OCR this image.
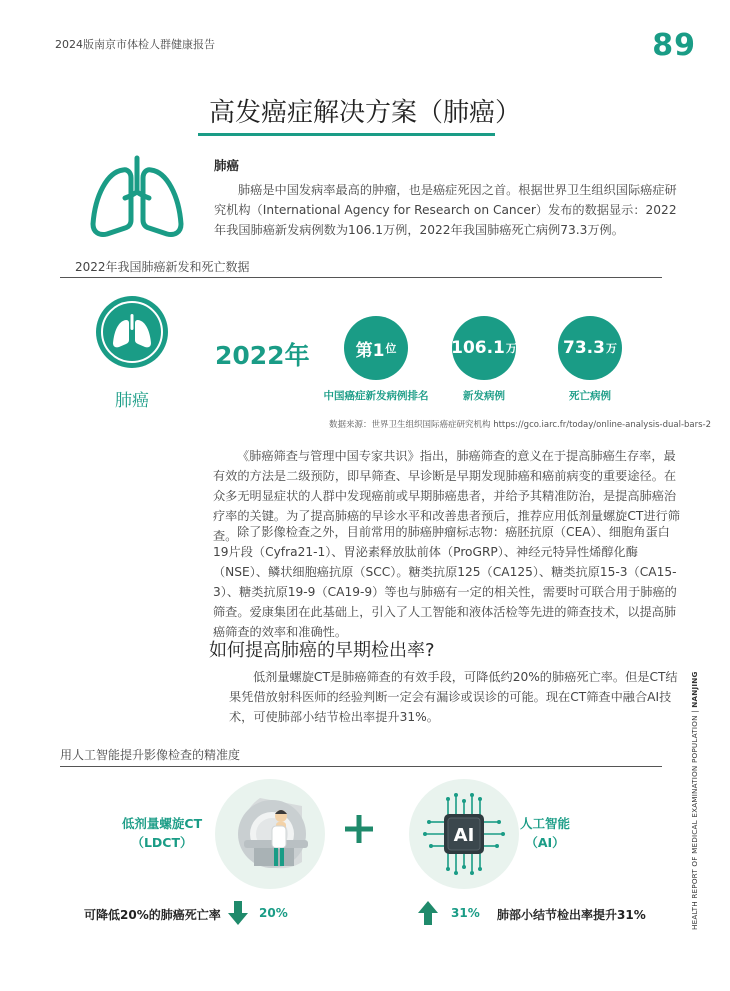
2024版南京市体检人群健康报告	89
高发癌症解决方案（肺癌）
肺癌

肺癌是中国发病率最高的肿瘤，也是癌症死因之首。根据世界卫生组织国际癌症研究机构（International Agency for Research on Cancer）发布的数据显示：2022年我国肺癌新发病例数为106.1万例，2022年我国肺癌死亡病例73.3万例。

2022年我国肺癌新发和死亡数据
肺癌
2022年	第1 位	106.1 万	73.3 万
中国癌症新发病例排名	新发病例	死亡病例
数据来源：世界卫生组织国际癌症研究机构 https://gco.iarc.fr/today/online-analysis-dual-bars-2

《肺癌筛查与管理中国专家共识》指出，肺癌筛查的意义在于提高肺癌生存率，最有效的方法是二级预防，即早筛查、早诊断是早期发现肺癌和癌前病变的重要途径。在众多无明显症状的人群中发现癌前或早期肺癌患者，并给予其精准防治，是提高肺癌治疗率的关键。为了提高肺癌的早诊水平和改善患者预后，推荐应用低剂量螺旋CT进行筛查。 除了影像检查之外，目前常用的肺癌肿瘤标志物：癌胚抗原（CEA）、细胞角蛋白19片段（Cyfra21-1）、胃泌素释放肽前体（ProGRP）、神经元特异性烯醇化酶（NSE）、鳞状细胞癌抗原（SCC）。糖类抗原125（CA125）、糖类抗原15-3（CA15-3）、糖类抗原19-9（CA19-9）等也与肺癌有一定的相关性，需要时可联合用于肺癌的筛查。爱康集团在此基础上，引入了人工智能和液体活检等先进的筛查技术，以提高肺癌筛查的效率和准确性。

如何提高肺癌的早期检出率?

低剂量螺旋CT是肺癌筛查的有效手段，可降低约20%的肺癌死亡率。但是CT结果凭借放射科医师的经验判断一定会有漏诊或误诊的可能。现在CT筛查中融合AI技术，可使肺部小结节检出率提升31%。

用人工智能提升影像检查的精准度
低剂量螺旋CT
（LDCT）	AI
人工智能
（AI）
可降低20%的肺癌死亡率	20%	31% 肺部小结节检出率提升31%	HEALTH REPORT OF MEDICAL EXAMINATION POPULATION | NANJING
